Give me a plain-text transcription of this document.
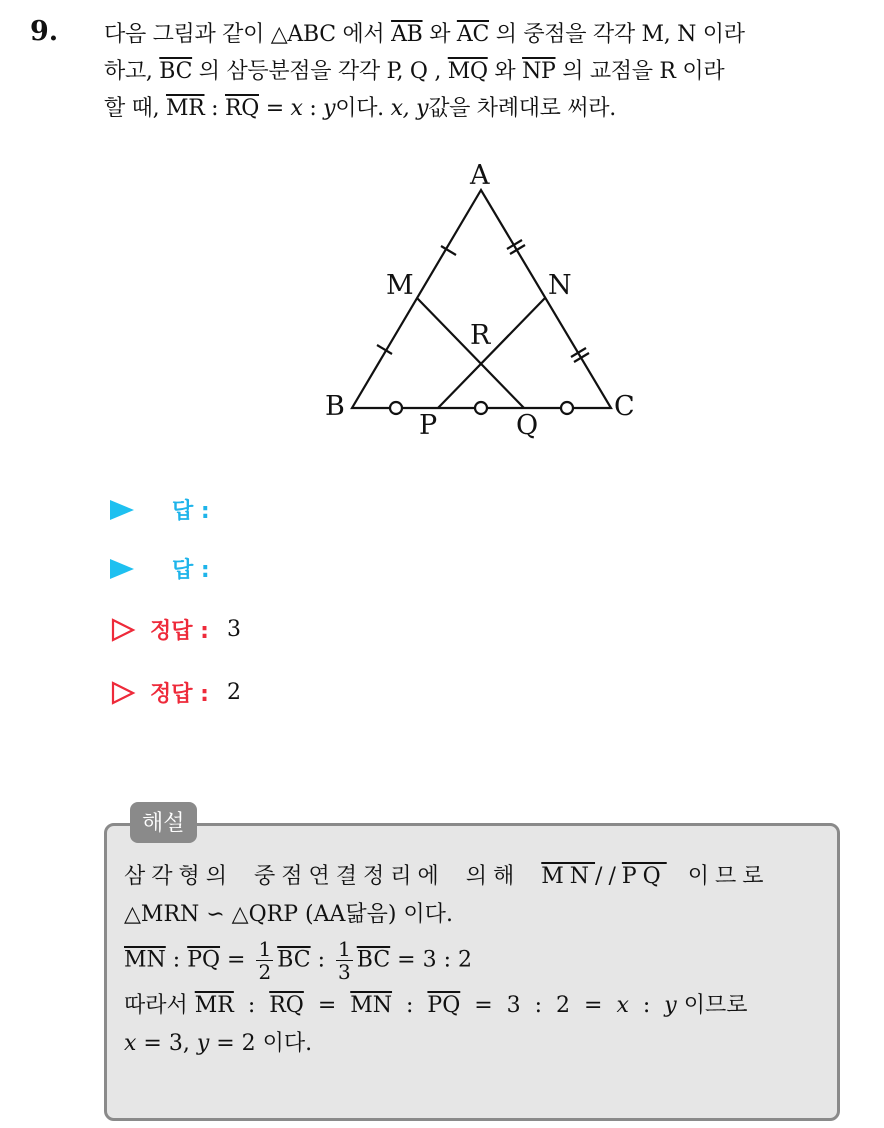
9. 다음 그림과 같이 △ABC 에서 $\overline{AB}$ 와 $\overline{AC}$ 의 중점을 각각 M, N 이라
하고, $\overline{BC}$ 의 삼등분점을 각각 P, Q , $\overline{MQ}$ 와 $\overline{NP}$ 의 교점을 R 이라
할 때, $\overline{MR}$ : $\overline{RQ} = x$ : y이다. x, y값을 차례대로 써라.
A
M	N
R
B	C
P	Q
답 :
답 :
정답 : 3
정답 : 2
해설
삼각형의 중점연결정리에 의해 $\overline{MN}//\overline{PQ}$ 이므로
△MRN ∽ △QRP (AA닮음) 이다.
$\overline{MN}$ : $\overline{PQ} = \frac{1}{2} \overline{BC}$ : $\frac{1}{3} \overline{BC} = 3$ : 2
따라서 $\overline{MR}$  :  $\overline{RQ} = \overline{MN}$  :  $\overline{PQ} = 3$  :  2  =  x  :  y 이므로
x = 3, y = 2 이다.
